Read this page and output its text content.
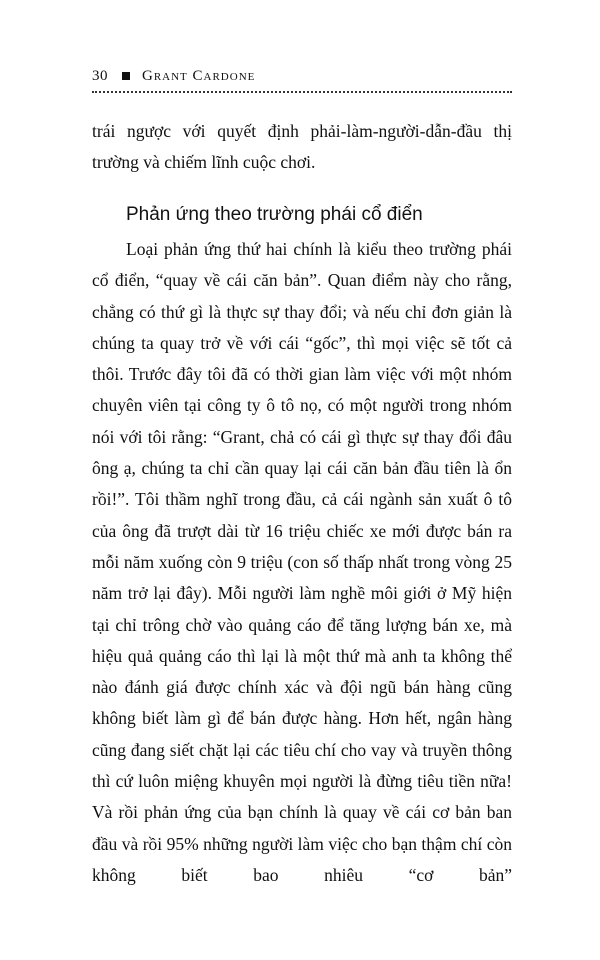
30 Grant Cardone

trái ngược với quyết định phải-làm-người-dẫn-đầu thị trường và chiếm lĩnh cuộc chơi.

Phản ứng theo trường phái cổ điển

Loại phản ứng thứ hai chính là kiểu theo trường phái cổ điển, “quay về cái căn bản”. Quan điểm này cho rằng, chẳng có thứ gì là thực sự thay đổi; và nếu chỉ đơn giản là chúng ta quay trở về với cái “gốc”, thì mọi việc sẽ tốt cả thôi. Trước đây tôi đã có thời gian làm việc với một nhóm chuyên viên tại công ty ô tô nọ, có một người trong nhóm nói với tôi rằng: “Grant, chả có cái gì thực sự thay đổi đâu ông ạ, chúng ta chỉ cần quay lại cái căn bản đầu tiên là ổn rồi!”. Tôi thầm nghĩ trong đầu, cả cái ngành sản xuất ô tô của ông đã trượt dài từ 16 triệu chiếc xe mới được bán ra mỗi năm xuống còn 9 triệu (con số thấp nhất trong vòng 25 năm trở lại đây). Mỗi người làm nghề môi giới ở Mỹ hiện tại chỉ trông chờ vào quảng cáo để tăng lượng bán xe, mà hiệu quả quảng cáo thì lại là một thứ mà anh ta không thể nào đánh giá được chính xác và đội ngũ bán hàng cũng không biết làm gì để bán được hàng. Hơn hết, ngân hàng cũng đang siết chặt lại các tiêu chí cho vay và truyền thông thì cứ luôn miệng khuyên mọi người là đừng tiêu tiền nữa! Và rồi phản ứng của bạn chính là quay về cái cơ bản ban đầu và rồi 95% những người làm việc cho bạn thậm chí còn không biết bao nhiêu “cơ bản”
